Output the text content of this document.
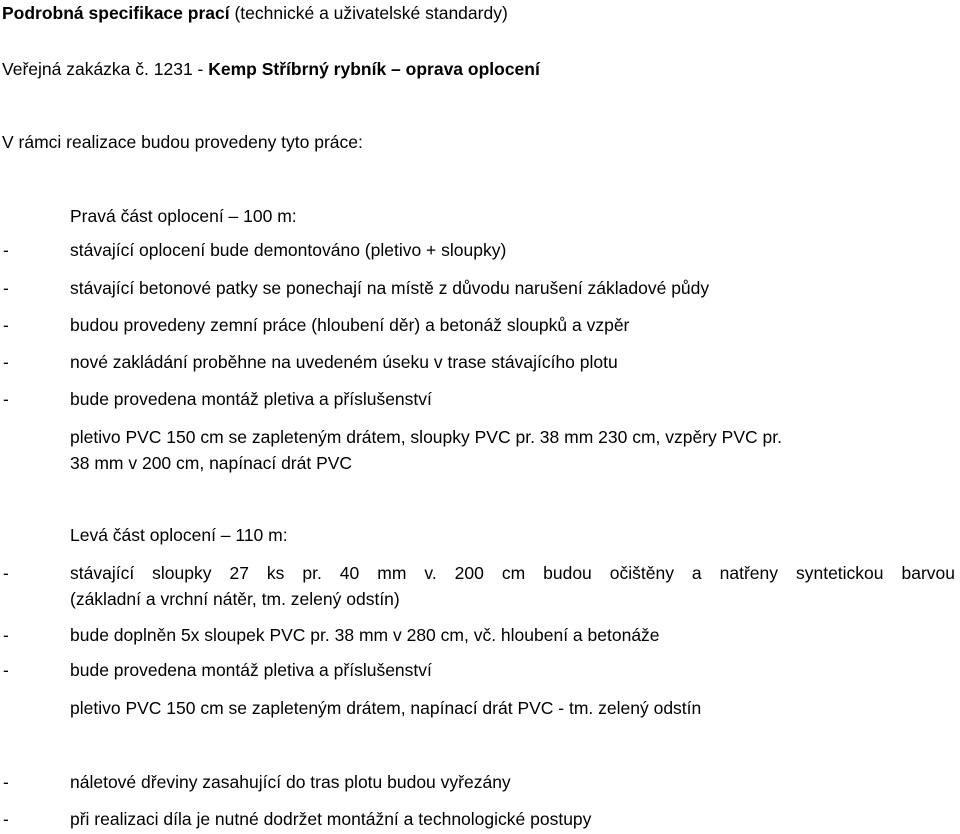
Podrobná specifikace prací (technické a uživatelské standardy)
Veřejná zakázka č. 1231 - Kemp Stříbrný rybník – oprava oplocení
V rámci realizace budou provedeny tyto práce:
Pravá část oplocení – 100 m:
-	stávající oplocení bude demontováno (pletivo + sloupky)
-	stávající betonové patky se ponechají na místě z důvodu narušení základové půdy
-	budou provedeny zemní práce (hloubení děr) a betonáž sloupků a vzpěr
-	nové zakládání proběhne na uvedeném úseku v trase stávajícího plotu
-	bude provedena montáž pletiva a příslušenství
pletivo PVC 150 cm se zapleteným drátem, sloupky PVC pr. 38 mm 230 cm, vzpěry PVC pr.
38 mm v 200 cm, napínací drát PVC
Levá část oplocení – 110 m:
-	stávající sloupky 27 ks pr. 40 mm v. 200 cm budou očištěny a natřeny syntetickou barvou
(základní a vrchní nátěr, tm. zelený odstín)
-	bude doplněn 5x sloupek PVC pr. 38 mm v 280 cm, vč. hloubení a betonáže
-	bude provedena montáž pletiva a příslušenství
pletivo PVC 150 cm se zapleteným drátem, napínací drát PVC - tm. zelený odstín
-	náletové dřeviny zasahující do tras plotu budou vyřezány
-	při realizaci díla je nutné dodržet montážní a technologické postupy
